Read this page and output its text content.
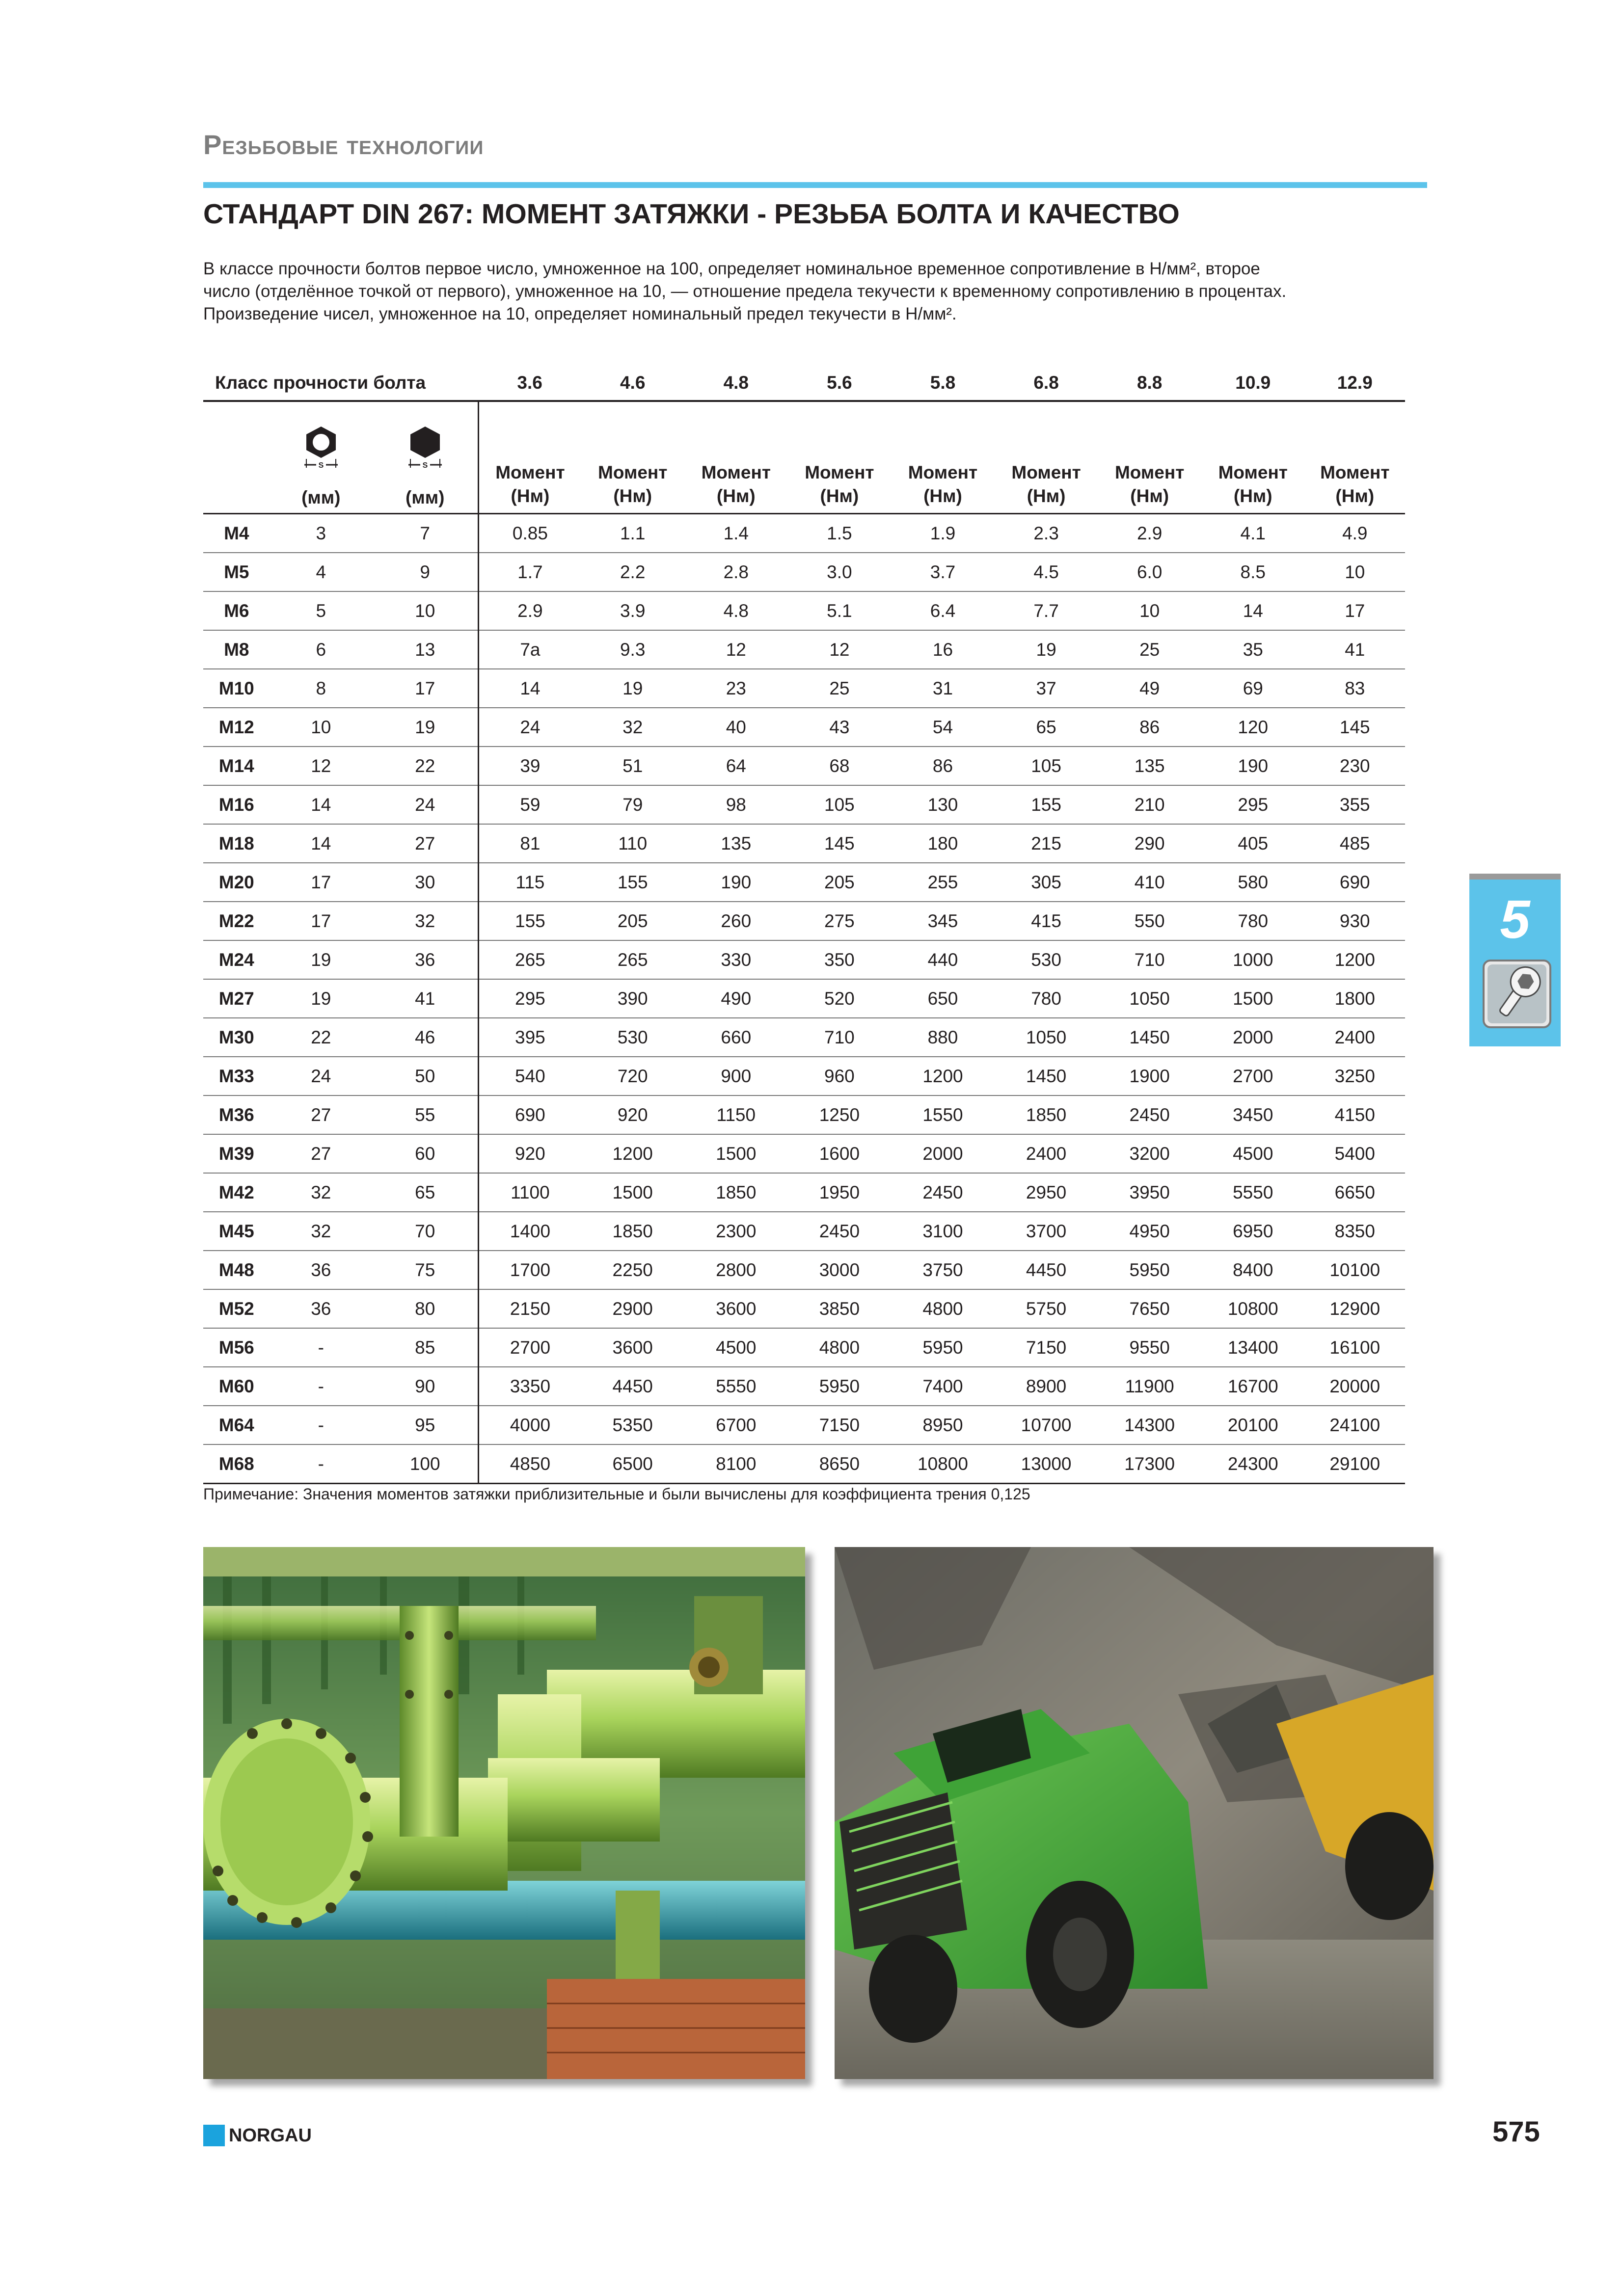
Резьбовые технологии
СТАНДАРТ DIN 267: МОМЕНТ ЗАТЯЖКИ - РЕЗЬБА БОЛТА И КАЧЕСТВО

В классе прочности болтов первое число, умноженное на 100, определяет номинальное временное сопротивление в Н/мм², второе

число (отделённое точкой от первого), умноженное на 10, — отношение предела текучести к временному сопротивлению в процентах.

Произведение чисел, умноженное на 10, определяет номинальный предел текучести в Н/мм².

Класс прочности болта			3.6	4.6	4.8	5.6	5.8	6.8	8.8	10.9	12.9

S
(мм)	S
(мм)	Момент
(Нм)	Момент
(Нм)	Момент
(Нм)	Момент
(Нм)	Момент
(Нм)	Момент
(Нм)	Момент
(Нм)	Момент
(Нм)	Момент
(Нм)

M4	3	7	0.85	1.1	1.4	1.5	1.9	2.3	2.9	4.1	4.9
M5	4	9	1.7	2.2	2.8	3.0	3.7	4.5	6.0	8.5	10
M6	5	10	2.9	3.9	4.8	5.1	6.4	7.7	10	14	17
M8	6	13	7a	9.3	12	12	16	19	25	35	41
M10	8	17	14	19	23	25	31	37	49	69	83
M12	10	19	24	32	40	43	54	65	86	120	145
M14	12	22	39	51	64	68	86	105	135	190	230
M16	14	24	59	79	98	105	130	155	210	295	355
M18	14	27	81	110	135	145	180	215	290	405	485
M20	17	30	115	155	190	205	255	305	410	580	690
M22	17	32	155	205	260	275	345	415	550	780	930
M24	19	36	265	265	330	350	440	530	710	1000	1200
M27	19	41	295	390	490	520	650	780	1050	1500	1800
M30	22	46	395	530	660	710	880	1050	1450	2000	2400
M33	24	50	540	720	900	960	1200	1450	1900	2700	3250
M36	27	55	690	920	1150	1250	1550	1850	2450	3450	4150
M39	27	60	920	1200	1500	1600	2000	2400	3200	4500	5400
M42	32	65	1100	1500	1850	1950	2450	2950	3950	5550	6650
M45	32	70	1400	1850	2300	2450	3100	3700	4950	6950	8350
M48	36	75	1700	2250	2800	3000	3750	4450	5950	8400	10100
M52	36	80	2150	2900	3600	3850	4800	5750	7650	10800	12900
M56	-	85	2700	3600	4500	4800	5950	7150	9550	13400	16100
M60	-	90	3350	4450	5550	5950	7400	8900	11900	16700	20000
M64	-	95	4000	5350	6700	7150	8950	10700	14300	20100	24100
M68	-	100	4850	6500	8100	8650	10800	13000	17300	24300	29100
Примечание: Значения моментов затяжки приблизительные и были вычислены для коэффициента трения 0,125
5
NORGAU	575
